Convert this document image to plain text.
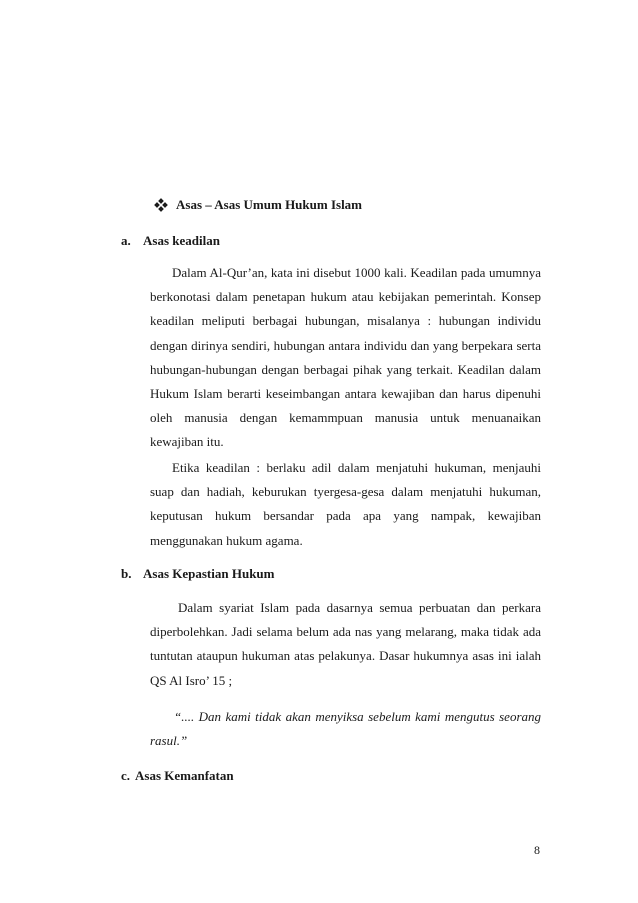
Asas – Asas Umum Hukum Islam
a. Asas keadilan

Dalam Al-Qur’an, kata ini disebut 1000 kali. Keadilan pada umumnya berkonotasi dalam penetapan hukum atau kebijakan pemerintah. Konsep keadilan meliputi berbagai hubungan, misalanya : hubungan individu dengan dirinya sendiri, hubungan antara individu dan yang berpekara serta hubungan-hubungan dengan berbagai pihak yang terkait. Keadilan dalam Hukum Islam berarti keseimbangan antara kewajiban dan harus dipenuhi oleh manusia dengan kemammpuan manusia untuk menuanaikan kewajiban itu.

Etika keadilan : berlaku adil dalam menjatuhi hukuman, menjauhi suap dan hadiah, keburukan tyergesa-gesa dalam menjatuhi hukuman, keputusan hukum bersandar pada apa yang nampak, kewajiban menggunakan hukum agama.

b. Asas Kepastian Hukum

Dalam syariat Islam pada dasarnya semua perbuatan dan perkara diperbolehkan. Jadi selama belum ada nas yang melarang, maka tidak ada tuntutan ataupun hukuman atas pelakunya. Dasar hukumnya asas ini ialah QS Al Isro’ 15 ;

“.... Dan kami tidak akan menyiksa sebelum kami mengutus seorang rasul.”

c. Asas Kemanfatan
8
